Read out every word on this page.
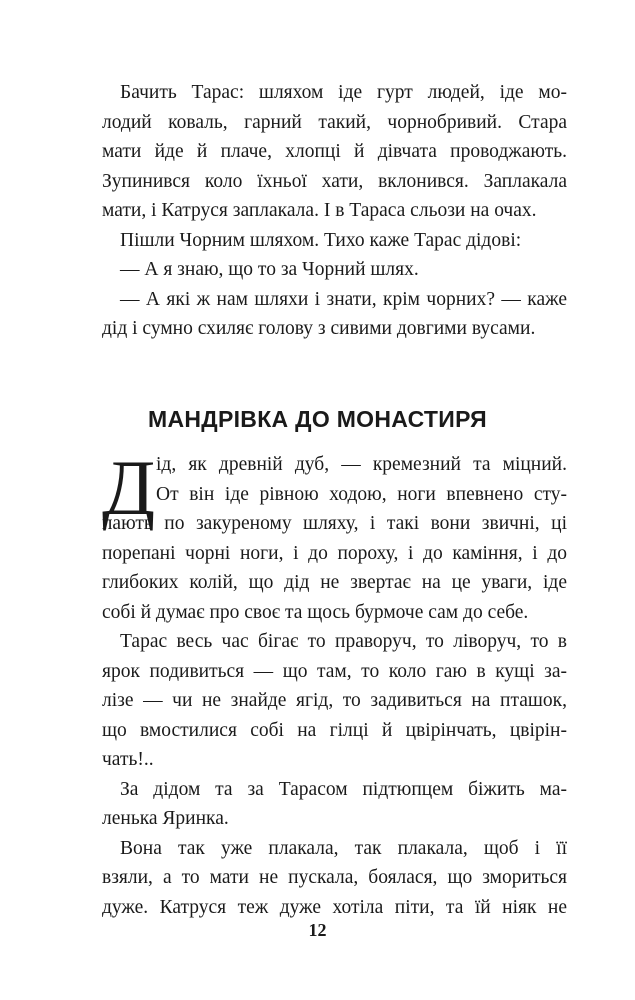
Бачить Тарас: шляхом іде гурт людей, іде мо-
лодий коваль, гарний такий, чорнобривий. Стара
мати йде й плаче, хлопці й дівчата проводжають.
Зупинився коло їхньої хати, вклонився. Заплакала
мати, і Катруся заплакала. І в Тараса сльози на очах.
Пішли Чорним шляхом. Тихо каже Тарас дідові:
— А я знаю, що то за Чорний шлях.
— А які ж нам шляхи і знати, крім чорних? — каже
дід і сумно схиляє голову з сивими довгими вусами.
МАНДРІВКА ДО МОНАСТИРЯ
Д ід, як древній дуб, — кремезний та міцний.
От він іде рівною ходою, ноги впевнено сту-
пають по закуреному шляху, і такі вони звичні, ці
порепані чорні ноги, і до пороху, і до каміння, і до
глибоких колій, що дід не звертає на це уваги, іде
собі й думає про своє та щось бурмоче сам до себе.
Тарас весь час бігає то праворуч, то ліворуч, то в
ярок подивиться — що там, то коло гаю в кущі за-
лізе — чи не знайде ягід, то задивиться на пташок,
що вмостилися собі на гілці й цвірінчать, цвірін-
чать!..
За дідом та за Тарасом підтюпцем біжить ма-
ленька Яринка.
Вона так уже плакала, так плакала, щоб і її
взяли, а то мати не пускала, боялася, що змориться
дуже. Катруся теж дуже хотіла піти, та їй ніяк не
12
